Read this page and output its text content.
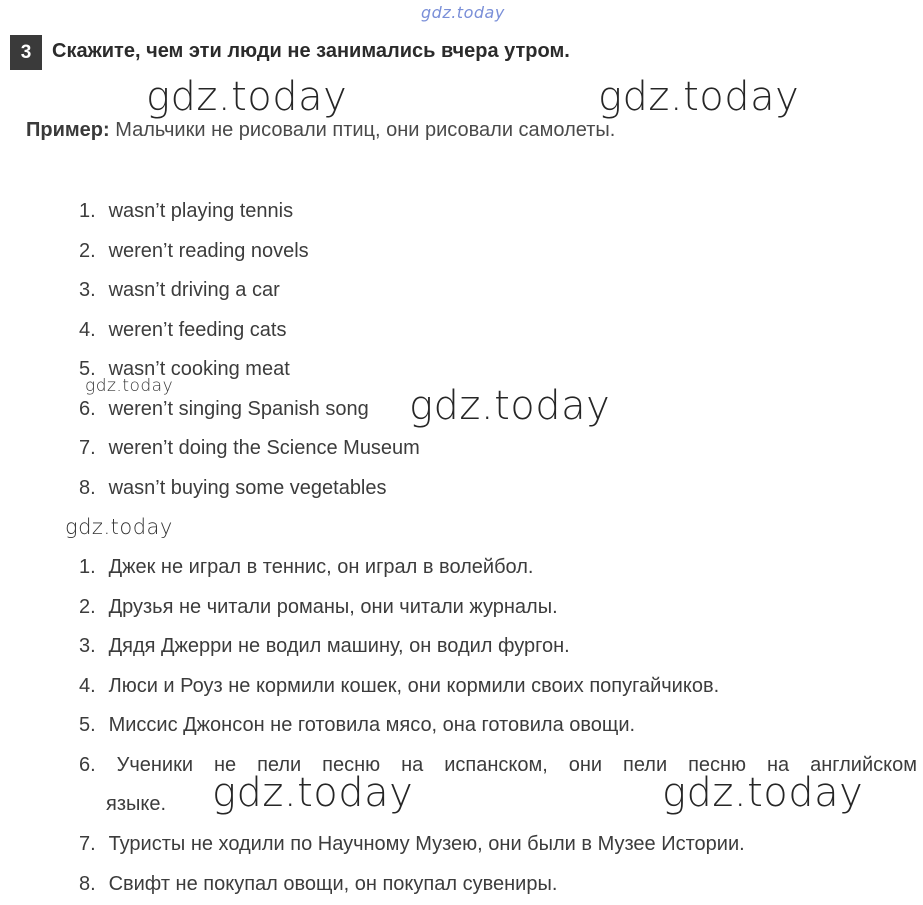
gdz.today
gdz.today	gdz.today
gdz.today	gdz.today
gdz.today
gdz.today	gdz.today
3	Скажите, чем эти люди не занимались вчера утром.
Пример: Мальчики не рисовали птиц, они рисовали самолеты.
1. wasn’t playing tennis
2. weren’t reading novels
3. wasn’t driving a car
4. weren’t feeding cats
5. wasn’t cooking meat
6. weren’t singing Spanish song
7. weren’t doing the Science Museum
8. wasn’t buying some vegetables
1. Джек не играл в теннис, он играл в волейбол.
2. Друзья не читали романы, они читали журналы.
3. Дядя Джерри не водил машину, он водил фургон.
4. Люси и Роуз не кормили кошек, они кормили своих попугайчиков.
5. Миссис Джонсон не готовила мясо, она готовила овощи.
6. Ученики не пели песню на испанском, они пели песню на английском
языке.
7. Туристы не ходили по Научному Музею, они были в Музее Истории.
8. Свифт не покупал овощи, он покупал сувениры.
